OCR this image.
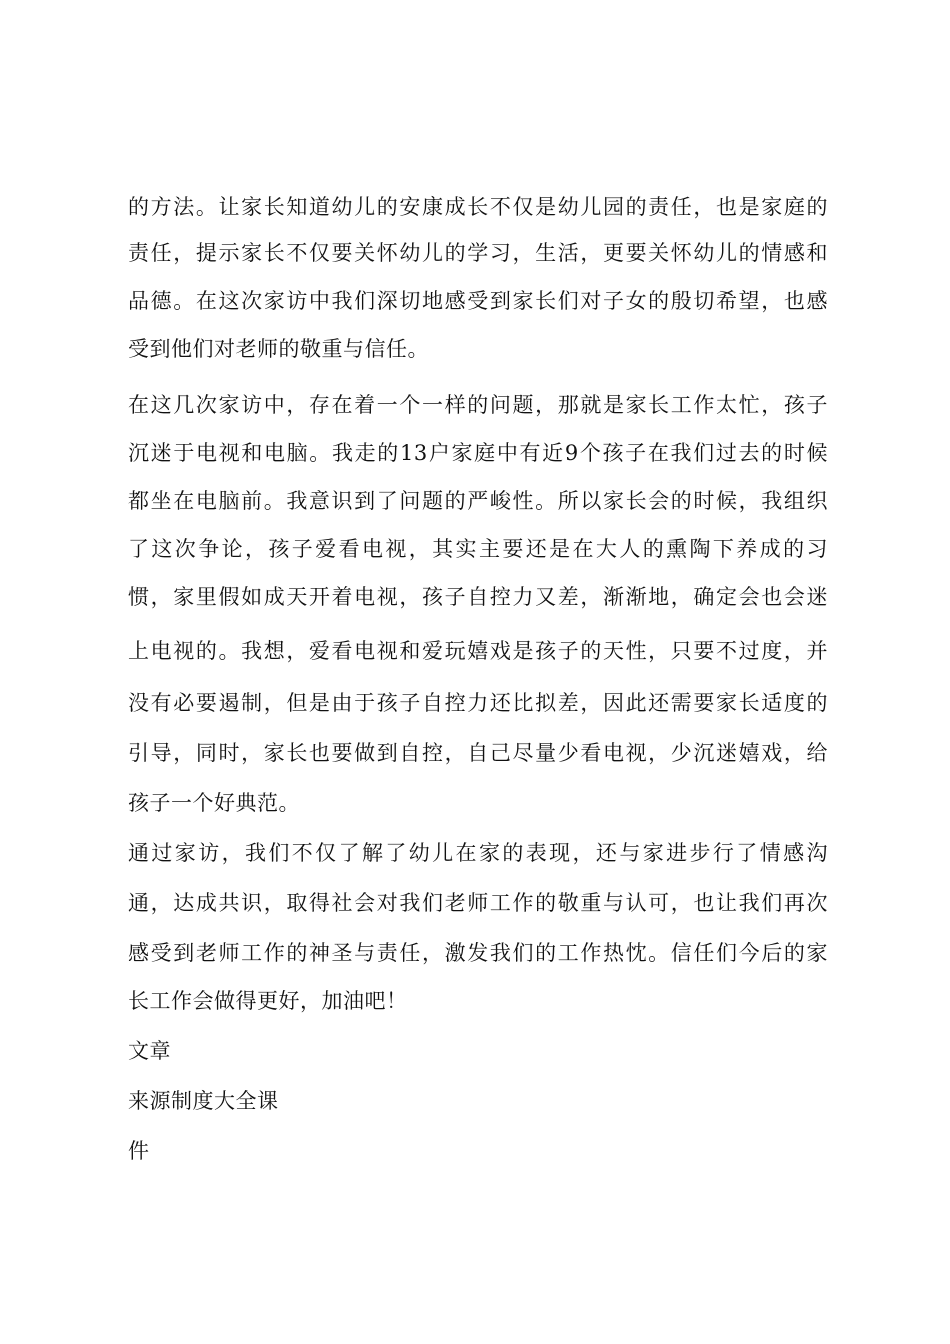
的方法。让家长知道幼儿的安康成长不仅是幼儿园的责任，也是家庭的
责任，提示家长不仅要关怀幼儿的学习，生活，更要关怀幼儿的情感和
品德。在这次家访中我们深切地感受到家长们对子女的殷切希望，也感
受到他们对老师的敬重与信任。
在这几次家访中，存在着一个一样的问题，那就是家长工作太忙，孩子
沉迷于电视和电脑。我走的13户家庭中有近9个孩子在我们过去的时候
都坐在电脑前。我意识到了问题的严峻性。所以家长会的时候，我组织
了这次争论，孩子爱看电视，其实主要还是在大人的熏陶下养成的习
惯，家里假如成天开着电视，孩子自控力又差，渐渐地，确定会也会迷
上电视的。我想，爱看电视和爱玩嬉戏是孩子的天性，只要不过度，并
没有必要遏制，但是由于孩子自控力还比拟差，因此还需要家长适度的
引导，同时，家长也要做到自控，自己尽量少看电视，少沉迷嬉戏，给
孩子一个好典范。
通过家访，我们不仅了解了幼儿在家的表现，还与家进步行了情感沟
通，达成共识，取得社会对我们老师工作的敬重与认可，也让我们再次
感受到老师工作的神圣与责任，激发我们的工作热忱。信任们今后的家
长工作会做得更好，加油吧！
文章
来源制度大全课
件
